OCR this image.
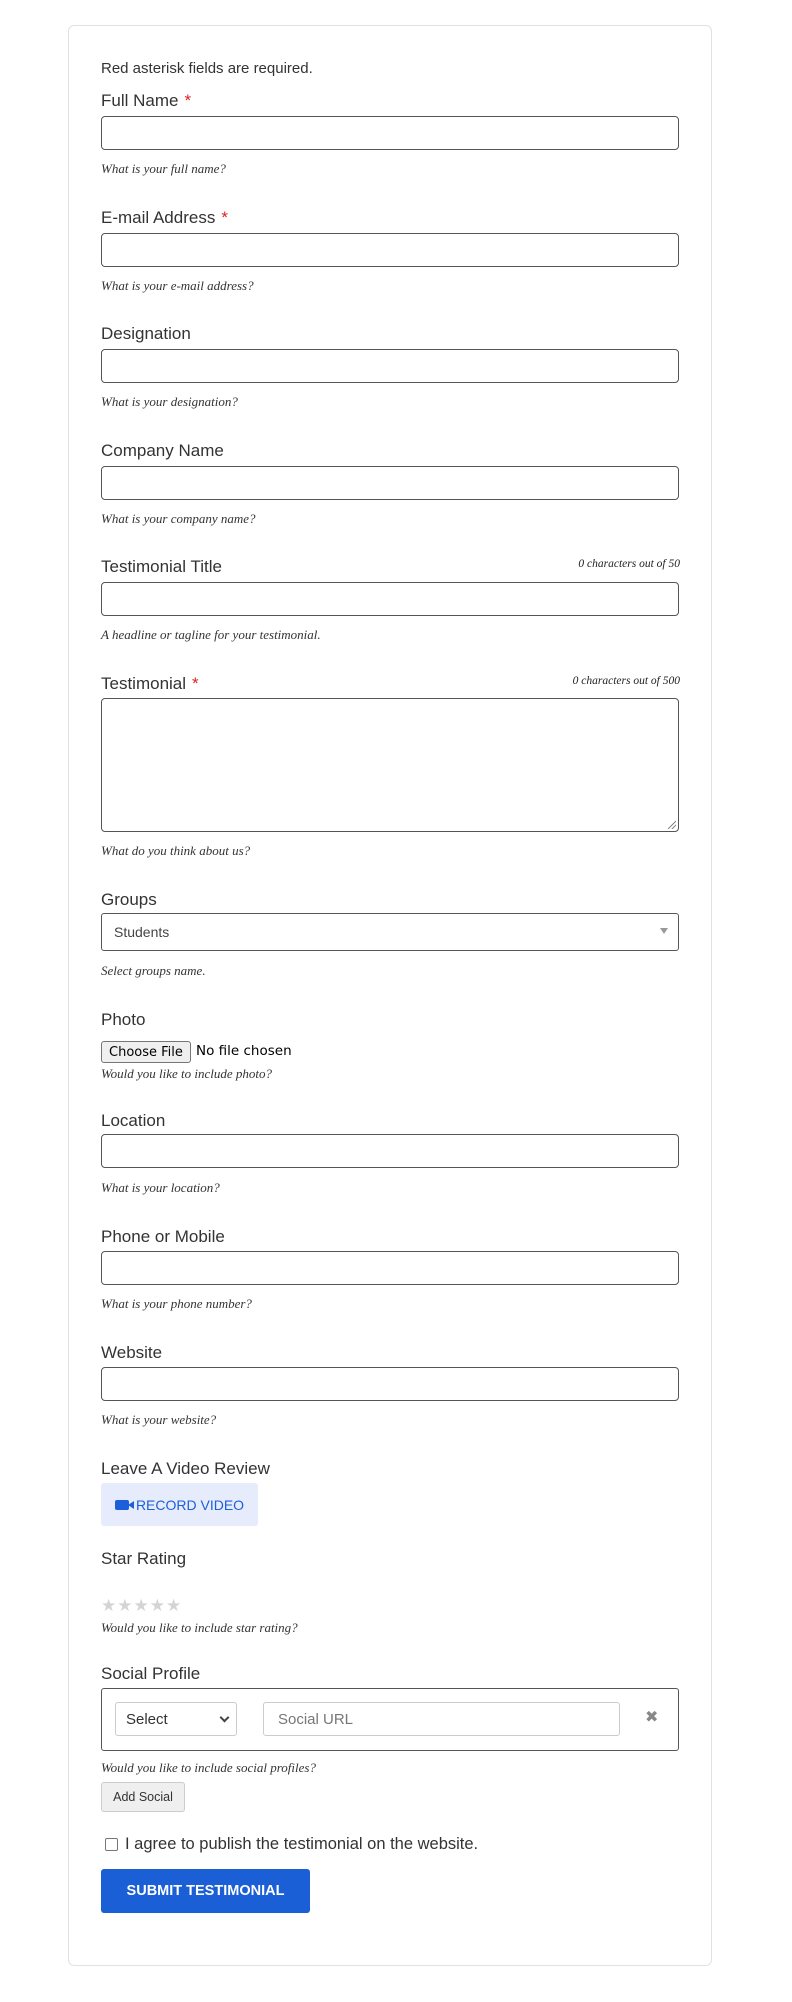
Red asterisk fields are required.
Full Name *
What is your full name?
E-mail Address *
What is your e-mail address?
Designation
What is your designation?
Company Name
What is your company name?
Testimonial Title	0 characters out of 50
A headline or tagline for your testimonial.
Testimonial *	0 characters out of 500
What do you think about us?
Groups
Students
Select groups name.
Photo
Choose File No file chosen
Would you like to include photo?
Location
What is your location?
Phone or Mobile
What is your phone number?
Website
What is your website?
Leave A Video Review
RECORD VIDEO
Star Rating
★ ★ ★ ★ ★
Would you like to include star rating?
Social Profile
Select	Social URL	✖
Would you like to include social profiles?
Add Social
I agree to publish the testimonial on the website.
SUBMIT TESTIMONIAL
